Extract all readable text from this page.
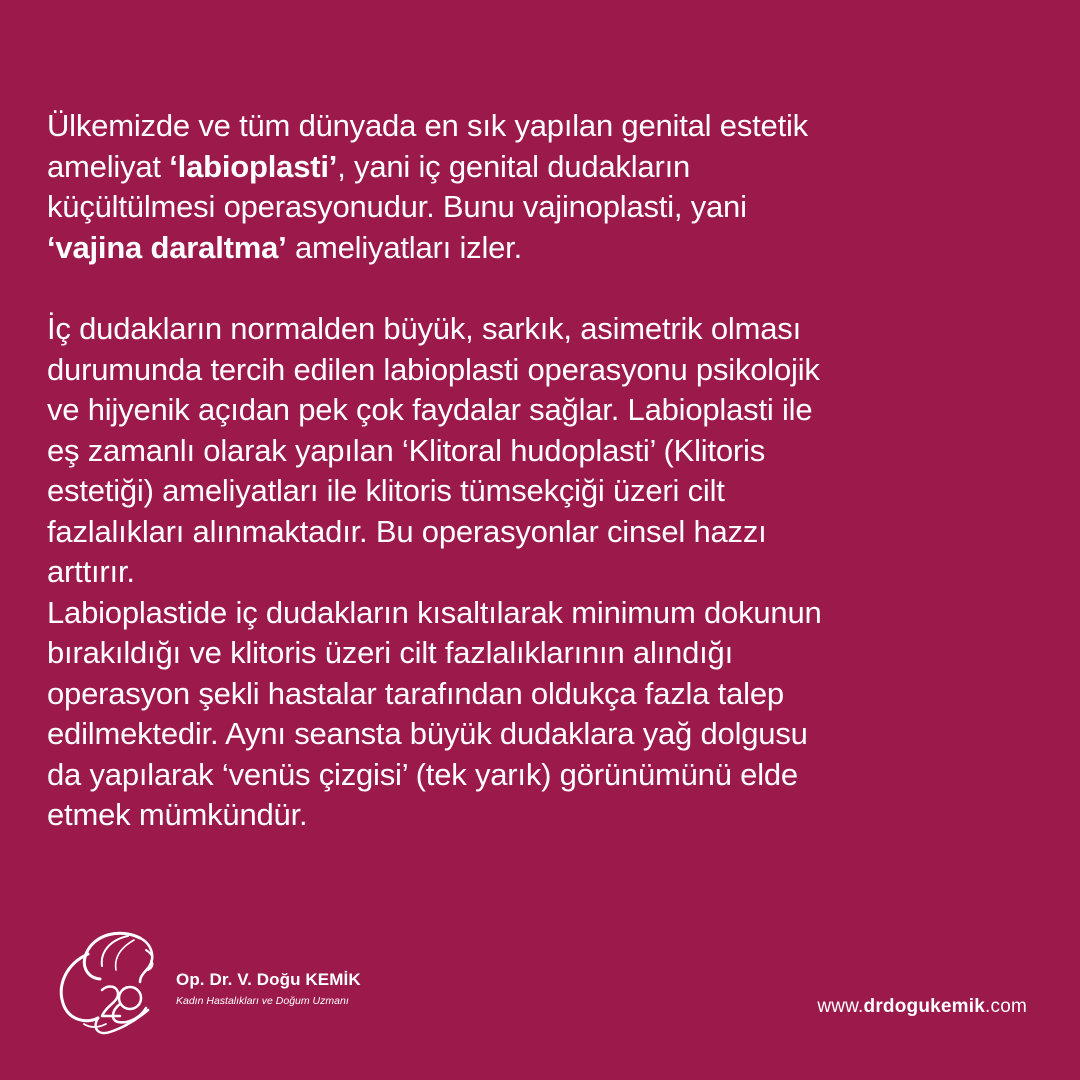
Ülkemizde ve tüm dünyada en sık yapılan genital estetik

ameliyat ‘labioplasti’, yani iç genital dudakların

küçültülmesi operasyonudur. Bunu vajinoplasti, yani

‘vajina daraltma’ ameliyatları izler.

İç dudakların normalden büyük, sarkık, asimetrik olması

durumunda tercih edilen labioplasti operasyonu psikolojik

ve hijyenik açıdan pek çok faydalar sağlar. Labioplasti ile

eş zamanlı olarak yapılan ‘Klitoral hudoplasti’ (Klitoris

estetiği) ameliyatları ile klitoris tümsekçiği üzeri cilt

fazlalıkları alınmaktadır. Bu operasyonlar cinsel hazzı

arttırır.

Labioplastide iç dudakların kısaltılarak minimum dokunun

bırakıldığı ve klitoris üzeri cilt fazlalıklarının alındığı

operasyon şekli hastalar tarafından oldukça fazla talep

edilmektedir. Aynı seansta büyük dudaklara yağ dolgusu

da yapılarak ‘venüs çizgisi’ (tek yarık) görünümünü elde

etmek mümkündür.

Op. Dr. V. Doğu KEMİK
Kadın Hastalıkları ve Doğum Uzmanı	www.drdogukemik.com
